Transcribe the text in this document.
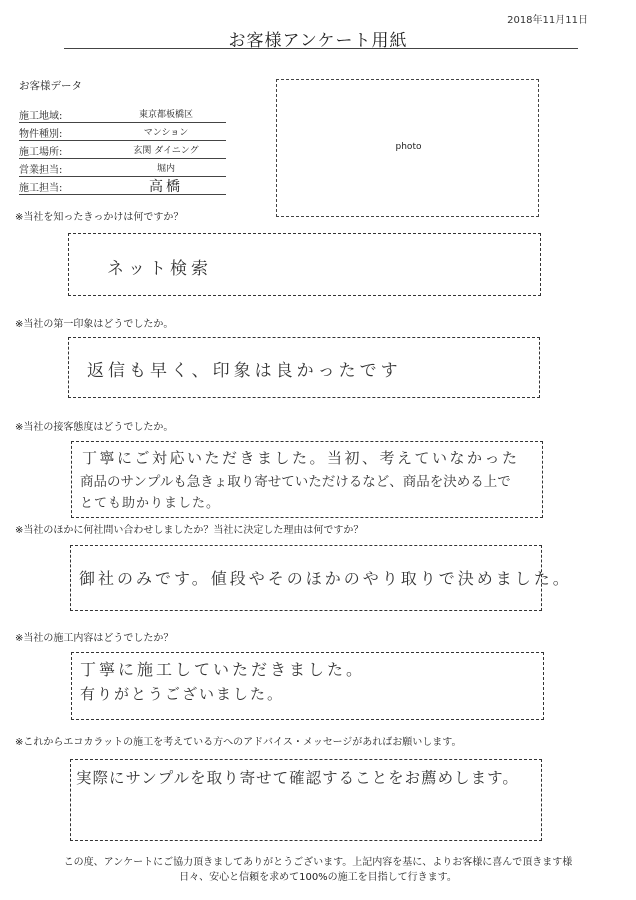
2018年11月11日
お客様アンケート用紙
お客様データ
施工地域:	東京都板橋区
物件種別:	マンション
施工場所:	玄関 ダイニング
営業担当:	堀内
施工担当:	高橋
photo
※当社を知ったきっかけは何ですか？
ネット検索
※当社の第一印象はどうでしたか。
返信も早く、印象は良かったです
※当社の接客態度はどうでしたか。
丁寧にご対応いただきました。当初、考えていなかった
商品のサンプルも急きょ取り寄せていただけるなど、商品を決める上で
とても助かりました。
※当社のほかに何社問い合わせしましたか？当社に決定した理由は何ですか？
御社のみです。値段やそのほかのやり取りで決めました。
※当社の施工内容はどうでしたか？
丁寧に施工していただきました。
有りがとうございました。
※これからエコカラットの施工を考えている方へのアドバイス・メッセージがあればお願いします。
実際にサンプルを取り寄せて確認することをお薦めします。
この度、アンケートにご協力頂きましてありがとうございます。上記内容を基に、よりお客様に喜んで頂きます様
日々、安心と信頼を求めて100%の施工を目指して行きます。
